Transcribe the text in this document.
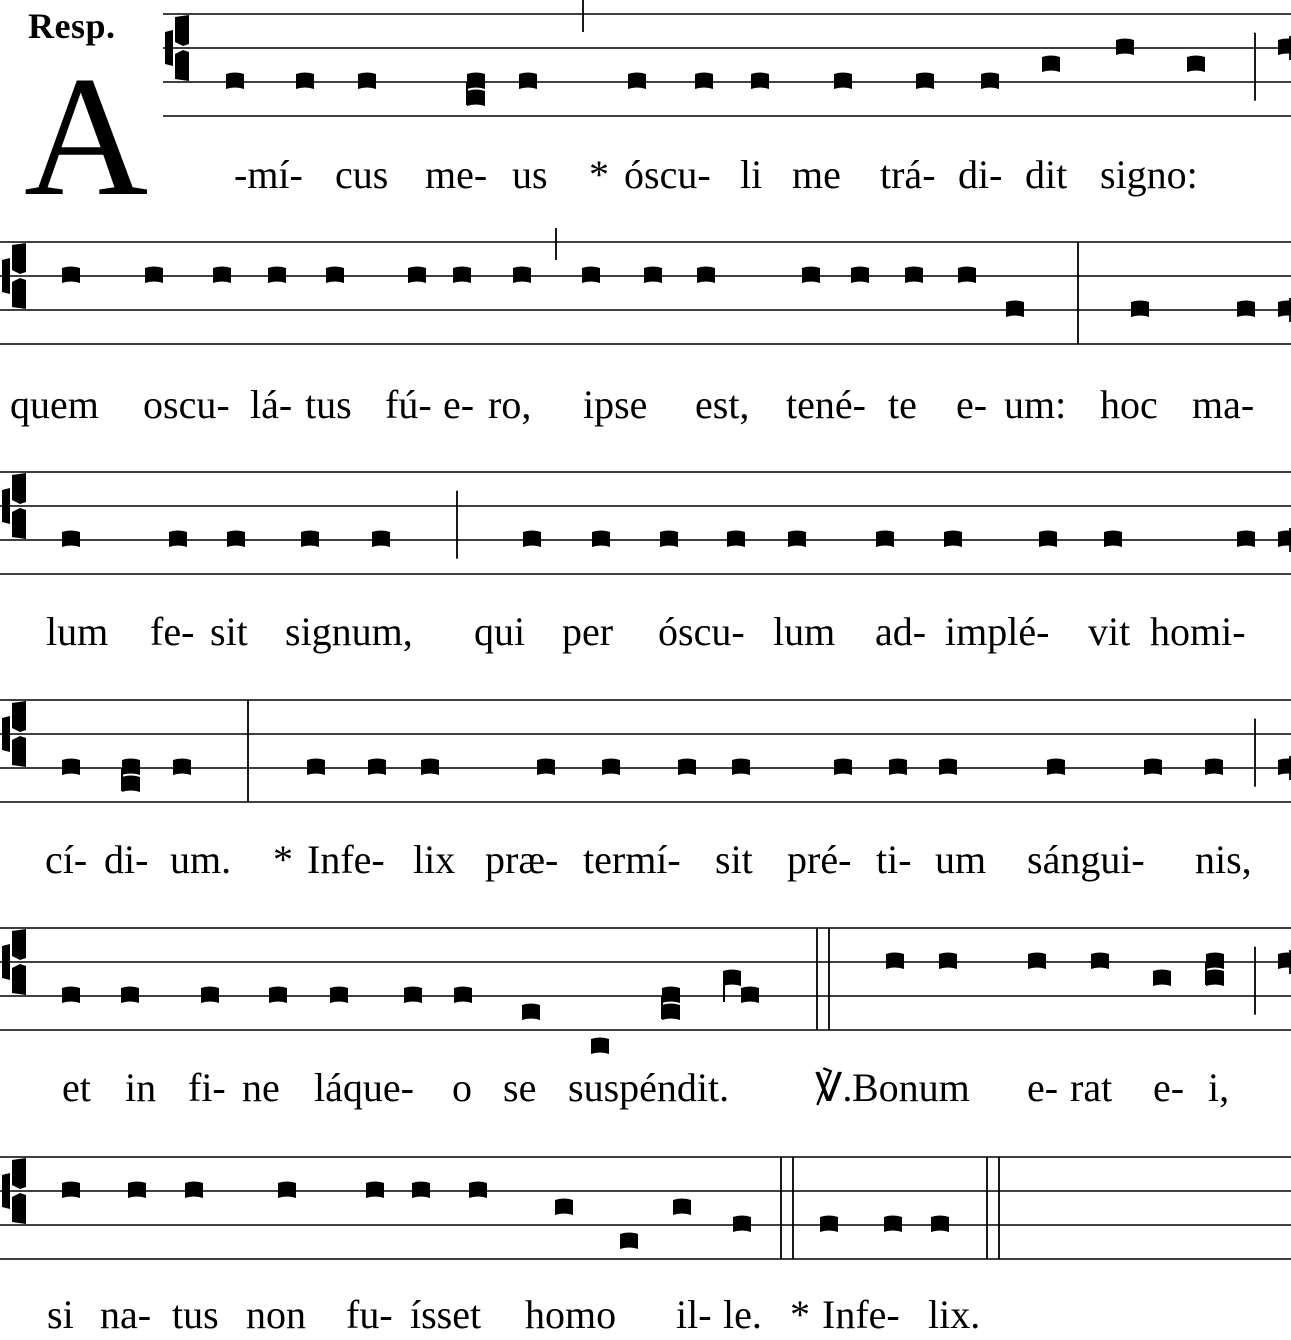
Resp.
A -mí- cus me- us * óscu- li me trá- di- dit signo:
quem oscu- lá- tus fú- e- ro, ipse est, tené- te e- um: hoc ma-
lum fe- sit signum, qui per óscu- lum ad- implé- vit homi-
cí- di- um. * Infe- lix præ- termí- sit pré- ti- um sángui- nis,
et in fi- ne láque- o se suspéndit. ℣. Bonum e- rat e- i,
si na- tus non fu- ísset homo il- le. * Infe- lix.
